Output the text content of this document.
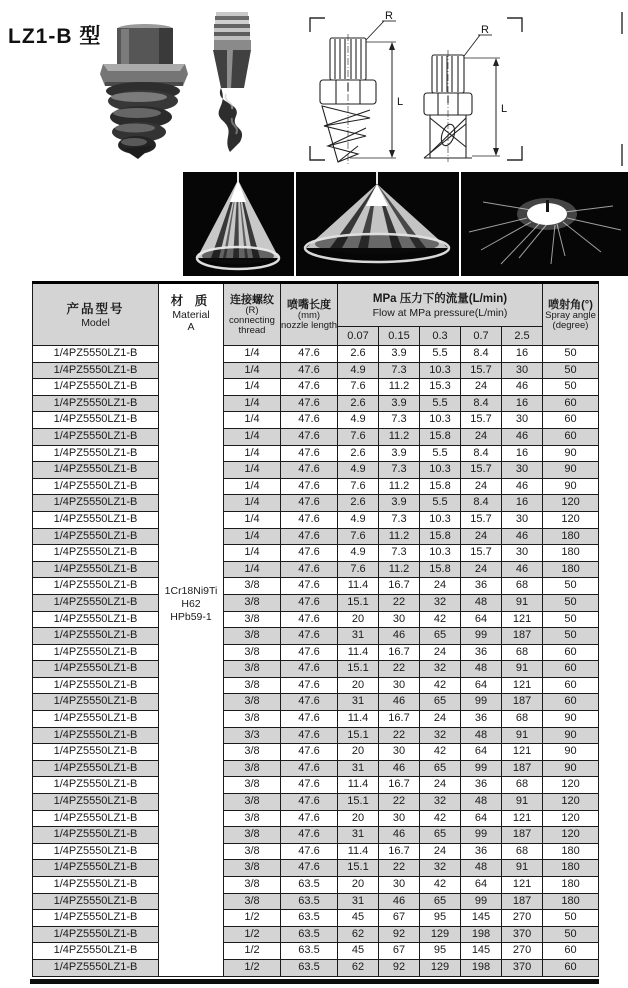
LZ1-B 型
L
R
L
R
产品型号
Model

材 质
Material
A
1Cr18Ni9Ti
H62
HPb59-1

连接螺纹
(R)
connecting
thread

喷嘴长度
(mm)
nozzle length

MPa 压力下的流量(L/min)
Flow at MPa pressure(L/min)

喷射角(°)
Spray angle
(degree)

				0.07	0.15	0.3	0.7	2.5	
1/4PZ5550LZ1-B		1/4	47.6	2.6	3.9	5.5	8.4	16	50
1/4PZ5550LZ1-B		1/4	47.6	4.9	7.3	10.3	15.7	30	50
1/4PZ5550LZ1-B		1/4	47.6	7.6	11.2	15.3	24	46	50
1/4PZ5550LZ1-B		1/4	47.6	2.6	3.9	5.5	8.4	16	60
1/4PZ5550LZ1-B		1/4	47.6	4.9	7.3	10.3	15.7	30	60
1/4PZ5550LZ1-B		1/4	47.6	7.6	11.2	15.8	24	46	60
1/4PZ5550LZ1-B		1/4	47.6	2.6	3.9	5.5	8.4	16	90
1/4PZ5550LZ1-B		1/4	47.6	4.9	7.3	10.3	15.7	30	90
1/4PZ5550LZ1-B		1/4	47.6	7.6	11.2	15.8	24	46	90
1/4PZ5550LZ1-B		1/4	47.6	2.6	3.9	5.5	8.4	16	120
1/4PZ5550LZ1-B		1/4	47.6	4.9	7.3	10.3	15.7	30	120
1/4PZ5550LZ1-B		1/4	47.6	7.6	11.2	15.8	24	46	180
1/4PZ5550LZ1-B		1/4	47.6	4.9	7.3	10.3	15.7	30	180
1/4PZ5550LZ1-B		1/4	47.6	7.6	11.2	15.8	24	46	180
1/4PZ5550LZ1-B		3/8	47.6	11.4	16.7	24	36	68	50
1/4PZ5550LZ1-B		3/8	47.6	15.1	22	32	48	91	50
1/4PZ5550LZ1-B		3/8	47.6	20	30	42	64	121	50
1/4PZ5550LZ1-B		3/8	47.6	31	46	65	99	187	50
1/4PZ5550LZ1-B		3/8	47.6	11.4	16.7	24	36	68	60
1/4PZ5550LZ1-B		3/8	47.6	15.1	22	32	48	91	60
1/4PZ5550LZ1-B		3/8	47.6	20	30	42	64	121	60
1/4PZ5550LZ1-B		3/8	47.6	31	46	65	99	187	60
1/4PZ5550LZ1-B		3/8	47.6	11.4	16.7	24	36	68	90
1/4PZ5550LZ1-B		3/3	47.6	15.1	22	32	48	91	90
1/4PZ5550LZ1-B		3/8	47.6	20	30	42	64	121	90
1/4PZ5550LZ1-B		3/8	47.6	31	46	65	99	187	90
1/4PZ5550LZ1-B		3/8	47.6	11.4	16.7	24	36	68	120
1/4PZ5550LZ1-B		3/8	47.6	15.1	22	32	48	91	120
1/4PZ5550LZ1-B		3/8	47.6	20	30	42	64	121	120
1/4PZ5550LZ1-B		3/8	47.6	31	46	65	99	187	120
1/4PZ5550LZ1-B		3/8	47.6	11.4	16.7	24	36	68	180
1/4PZ5550LZ1-B		3/8	47.6	15.1	22	32	48	91	180
1/4PZ5550LZ1-B		3/8	63.5	20	30	42	64	121	180
1/4PZ5550LZ1-B		3/8	63.5	31	46	65	99	187	180
1/4PZ5550LZ1-B		1/2	63.5	45	67	95	145	270	50
1/4PZ5550LZ1-B		1/2	63.5	62	92	129	198	370	50
1/4PZ5550LZ1-B		1/2	63.5	45	67	95	145	270	60
1/4PZ5550LZ1-B		1/2	63.5	62	92	129	198	370	60
